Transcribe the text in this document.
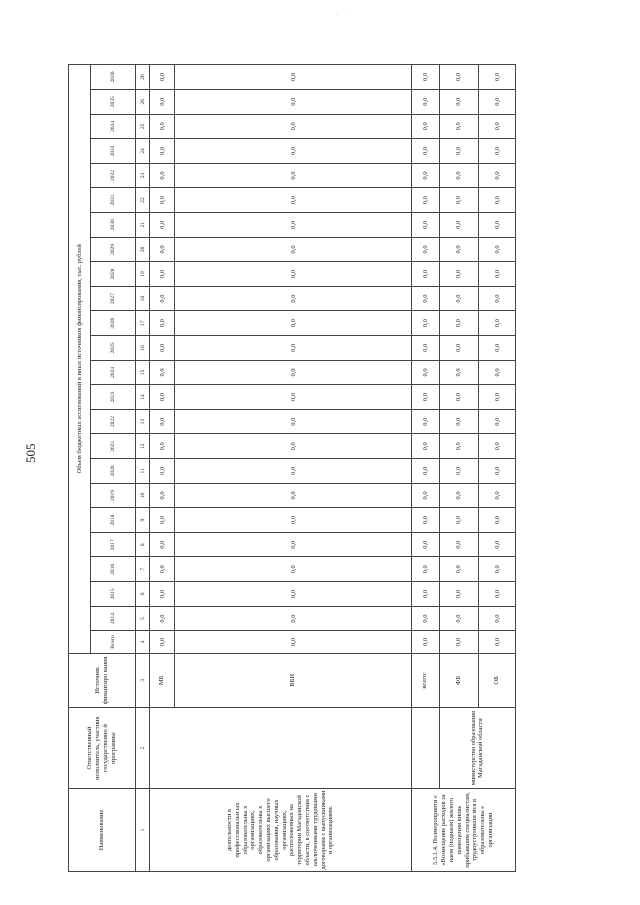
· ·
505
Наименование	Ответственный исполнитель, участник государственно й программы	Источник финансиро вания	Объем бюджетных ассигнований в иных источников финансирования, тыс. рублей																							
			Всего	2014	2015	2016	2017	2018	2019	2020	2021	2022	2023	2024	2025	2026	2027	2028	2029	2030	2031	2032	2033	2034	2035	2036
1	2	3	4	5	6	7	8	9	10	11	12	13	14	15	16	17	18	19	20	21	22	23	24	25	26	26
деятельности в профессиональн ых образовательны х организациях, образовательны х организациях высшего образования, научных организациях, расположенных на территории Магаданской области, в соответствии с заключенными трудовыми договорами с выпускниками и организациями.		МБ	0,0	0,0	0,0	0,0	0,0	0,0	0,0	0,0	0,0	0,0	0,0	0,0	0,0	0,0	0,0	0,0	0,0	0,0	0,0	0,0	0,0	0,0	0,0	0,0
		ВБИ	0,0	0,0	0,0	0,0	0,0	0,0	0,0	0,0	0,0	0,0	0,0	0,0	0,0	0,0	0,0	0,0	0,0	0,0	0,0	0,0	0,0	0,0	0,0	0,0
5.5.1.4. Полмероприяти е «Возмещение расходов за наем (поднаем) жилого помещения вновь прибывшим специалистам, трудоустроивши мся в образовательны е организации		всего:	0,0	0,0	0,0	0,0	0,0	0,0	0,0	0,0	0,0	0,0	0,0	0,0	0,0	0,0	0,0	0,0	0,0	0,0	0,0	0,0	0,0	0,0	0,0	0,0
	министерство образования Магаданской области	ФБ	0,0	0,0	0,0	0,0	0,0	0,0	0,0	0,0	0,0	0,0	0,0	0,0	0,0	0,0	0,0	0,0	0,0	0,0	0,0	0,0	0,0	0,0	0,0	0,0
		ОБ	0,0	0,0	0,0	0,0	0,0	0,0	0,0	0,0	0,0	0,0	0,0	0,0	0,0	0,0	0,0	0,0	0,0	0,0	0,0	0,0	0,0	0,0	0,0	0,0
